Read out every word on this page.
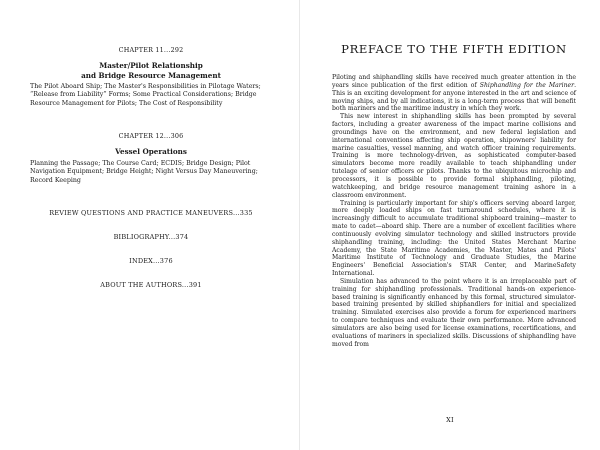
CHAPTER 11...292

Master/Pilot Relationship
and Bridge Resource Management

The Pilot Aboard Ship; The Master's Responsibilities in Pilotage Waters; “Release from Liability” Forms; Some Practical Considerations; Bridge Resource Management for Pilots; The Cost of Responsibility

CHAPTER 12...306

Vessel Operations

Planning the Passage; The Course Card; ECDIS; Bridge Design; Pilot Navigation Equipment; Bridge Height; Night Versus Day Maneuvering; Record Keeping

REVIEW QUESTIONS AND PRACTICE MANEUVERS...335

BIBLIOGRAPHY...374

INDEX...376

ABOUT THE AUTHORS...391

PREFACE TO THE FIFTH EDITION

Piloting and shiphandling skills have received much greater attention in the years since publication of the first edition of Shiphandling for the Mariner. This is an exciting development for anyone interested in the art and science of moving ships, and by all indications, it is a long-term process that will benefit both mariners and the maritime industry in which they work.

This new interest in shiphandling skills has been prompted by several factors, including a greater awareness of the impact marine collisions and groundings have on the environment, and new federal legislation and international conventions affecting ship operation, shipowners' liability for marine casualties, vessel manning, and watch officer training requirements. Training is more technology-driven, as sophisticated computer-based simulators become more readily available to teach shiphandling under tutelage of senior officers or pilots. Thanks to the ubiquitous microchip and processors, it is possible to provide formal shiphandling, piloting, watchkeeping, and bridge resource management training ashore in a classroom environment.

Training is particularly important for ship's officers serving aboard larger, more deeply loaded ships on fast turnaround schedules, where it is increasingly difficult to accumulate traditional shipboard training—master to mate to cadet—aboard ship. There are a number of excellent facilities where continuously evolving simulator technology and skilled instructors provide shiphandling training, including: the United States Merchant Marine Academy, the State Maritime Academies, the Master, Mates and Pilots' Maritime Institute of Technology and Graduate Studies, the Marine Engineers' Beneficial Association's STAR Center, and MarineSafety International.

Simulation has advanced to the point where it is an irreplaceable part of training for shiphandling professionals. Traditional hands-on experience-based training is significantly enhanced by this formal, structured simulator-based training presented by skilled shiphandlers for initial and specialized training. Simulated exercises also provide a forum for experienced mariners to compare techniques and evaluate their own performance. More advanced simulators are also being used for license examinations, recertifications, and evaluations of mariners in specialized skills. Discussions of shiphandling have moved from

XI
